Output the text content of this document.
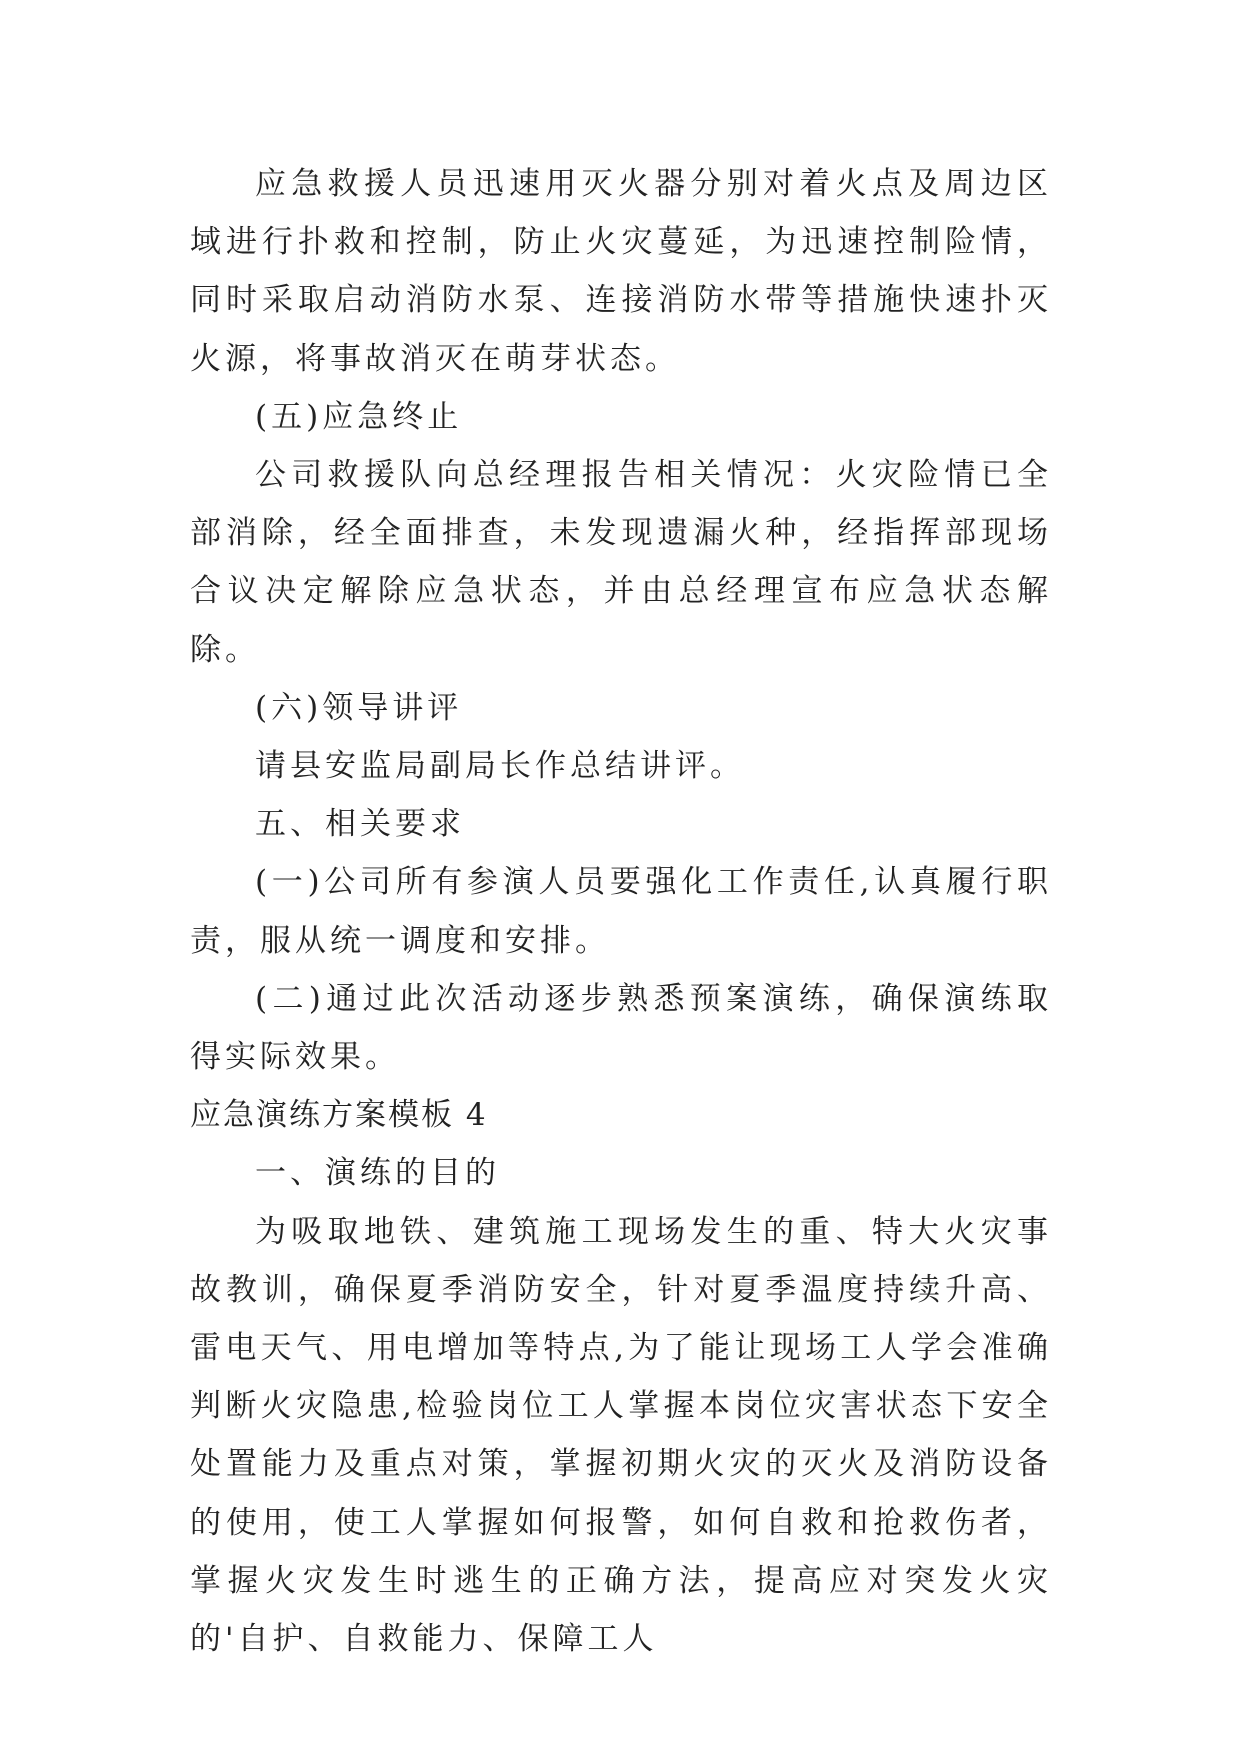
应急救援人员迅速用灭火器分别对着火点及周边区域进行扑救和控制，防止火灾蔓延，为迅速控制险情，同时采取启动消防水泵、连接消防水带等措施快速扑灭火源，将事故消灭在萌芽状态。

(五)应急终止

公司救援队向总经理报告相关情况：火灾险情已全部消除，经全面排查，未发现遗漏火种，经指挥部现场合议决定解除应急状态，并由总经理宣布应急状态解除。

(六)领导讲评

请县安监局副局长作总结讲评。

五、相关要求

(一)公司所有参演人员要强化工作责任,认真履行职责，服从统一调度和安排。

(二)通过此次活动逐步熟悉预案演练，确保演练取得实际效果。

应急演练方案模板 4

一、演练的目的

为吸取地铁、建筑施工现场发生的重、特大火灾事故教训，确保夏季消防安全，针对夏季温度持续升高、雷电天气、用电增加等特点,为了能让现场工人学会准确判断火灾隐患,检验岗位工人掌握本岗位灾害状态下安全处置能力及重点对策，掌握初期火灾的灭火及消防设备的使用，使工人掌握如何报警，如何自救和抢救伤者，掌握火灾发生时逃生的正确方法，提高应对突发火灾的'自护、自救能力、保障工人
